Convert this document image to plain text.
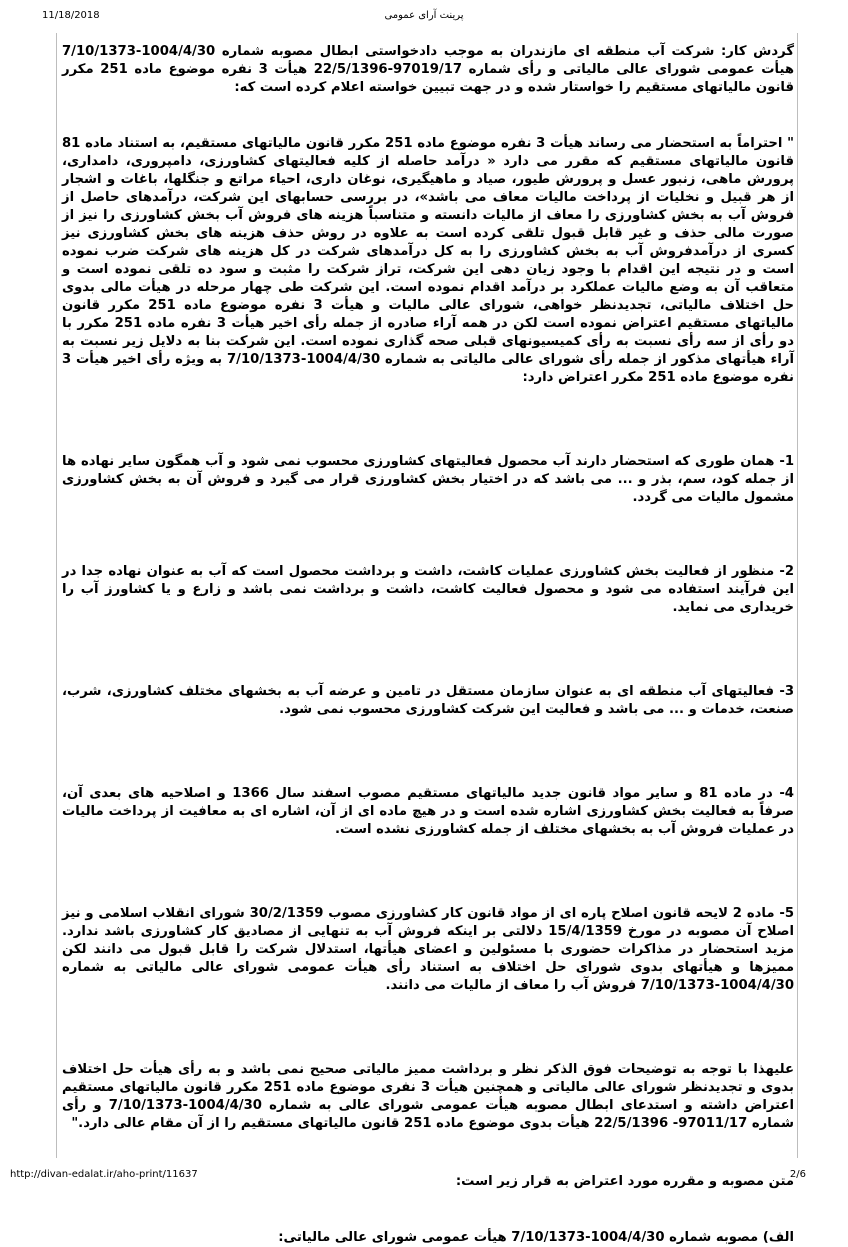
11/18/2018	پرینت آرای عمومی

گردش کار: شرکت آب منطقه ای مازندران به موجب دادخواستی ابطال مصوبه شماره 1004/4/30-7/10/1373 هیأت عمومی شورای عالی مالیاتی و رأی شماره 97019/17-22/5/1396 هیأت 3 نفره موضوع ماده 251 مکرر قانون مالیاتهای مستقیم را خواستار شده و در جهت تبیین خواسته اعلام کرده است که:

" احتراماً به استحضار می رساند هیأت 3 نفره موضوع ماده 251 مکرر قانون مالیاتهای مستقیم، به استناد ماده 81 قانون مالیاتهای مستقیم که مقرر می دارد « درآمد حاصله از کلیه فعالیتهای کشاورزی، دامپروری، دامداری، پرورش ماهی، زنبور عسل و پرورش طیور، صیاد و ماهیگیری، نوغان داری، احیاء مراتع و جنگلها، باغات و اشجار از هر قبیل و نخلیات از پرداخت مالیات معاف می باشد»، در بررسی حسابهای این شرکت، درآمدهای حاصل از فروش آب به بخش کشاورزی را معاف از مالیات دانسته و متناسباً هزینه های فروش آب بخش کشاورزی را نیز از صورت مالی حذف و غیر قابل قبول تلقی کرده است به علاوه در روش حذف هزینه های بخش کشاورزی نیز کسری از درآمدفروش آب به بخش کشاورزی را به کل درآمدهای شرکت در کل هزینه های شرکت ضرب نموده است و در نتیجه این اقدام با وجود زیان دهی این شرکت، تراز شرکت را مثبت و سود ده تلقی نموده است و متعاقب آن به وضع مالیات عملکرد بر درآمد اقدام نموده است. این شرکت طی چهار مرحله در هیأت مالی بدوی حل اختلاف مالیاتی، تجدیدنظر خواهی، شورای عالی مالیات و هیأت 3 نفره موضوع ماده 251 مکرر قانون مالیاتهای مستقیم اعتراض نموده است لکن در همه آراء صادره از جمله رأی اخیر هیأت 3 نفره ماده 251 مکرر با دو رأی از سه رأی نسبت به رأی کمیسیونهای قبلی صحه گذاری نموده است. این شرکت بنا به دلایل زیر نسبت به آراء هیأتهای مذکور از جمله رأی شورای عالی مالیاتی به شماره 1004/4/30-7/10/1373 به ویژه رأی اخیر هیأت 3 نفره موضوع ماده 251 مکرر اعتراض دارد:

1- همان طوری که استحضار دارند آب محصول فعالیتهای کشاورزی محسوب نمی شود و آب همگون سایر نهاده ها از جمله کود، سم، بذر و ... می باشد که در اختیار بخش کشاورزی قرار می گیرد و فروش آن به بخش کشاورزی مشمول مالیات می گردد.

2- منظور از فعالیت بخش کشاورزی عملیات کاشت، داشت و برداشت محصول است که آب به عنوان نهاده جدا در این فرآیند استفاده می شود و محصول فعالیت کاشت، داشت و برداشت نمی باشد و زارع و یا کشاورز آب را خریداری می نماید.

3- فعالیتهای آب منطقه ای به عنوان سازمان مستقل در تامین و عرضه آب به بخشهای مختلف کشاورزی، شرب، صنعت، خدمات و ... می باشد و فعالیت این شرکت کشاورزی محسوب نمی شود.

4- در ماده 81 و سایر مواد قانون جدید مالیاتهای مستقیم مصوب اسفند سال 1366 و اصلاحیه های بعدی آن، صرفاً به فعالیت بخش کشاورزی اشاره شده است و در هیچ ماده ای از آن، اشاره ای به معافیت از پرداخت مالیات در عملیات فروش آب به بخشهای مختلف از جمله کشاورزی نشده است.

5- ماده 2 لایحه قانون اصلاح پاره ای از مواد قانون کار کشاورزی مصوب 30/2/1359 شورای انقلاب اسلامی و نیز اصلاح آن مصوبه در مورخ 15/4/1359 دلالتی بر اینکه فروش آب به تنهایی از مصادیق کار کشاورزی باشد ندارد. مزید استحضار در مذاکرات حضوری با مسئولین و اعضای هیأتها، استدلال شرکت را قابل قبول می دانند لکن ممیزها و هیأتهای بدوی شورای حل اختلاف به استناد رأی هیأت عمومی شورای عالی مالیاتی به شماره 1004/4/30-7/10/1373 فروش آب را معاف از مالیات می دانند.

علیهذا با توجه به توضیحات فوق الذکر نظر و برداشت ممیز مالیاتی صحیح نمی باشد و به رأی هیأت حل اختلاف بدوی و تجدیدنظر شورای عالی مالیاتی و همچنین هیأت 3 نفری موضوع ماده 251 مکرر قانون مالیاتهای مستقیم اعتراض داشته و استدعای ابطال مصوبه هیأت عمومی شورای عالی به شماره 1004/4/30-7/10/1373 و رأی شماره 97011/17- 22/5/1396 هیأت بدوی موضوع ماده 251 قانون مالیاتهای مستقیم را از آن مقام عالی دارد."

متن مصوبه و مقرره مورد اعتراض به قرار زیر است:

الف) مصوبه شماره 1004/4/30-7/10/1373 هیأت عمومی شورای عالی مالیاتی:

http://divan-edalat.ir/aho-print/11637	2/6
